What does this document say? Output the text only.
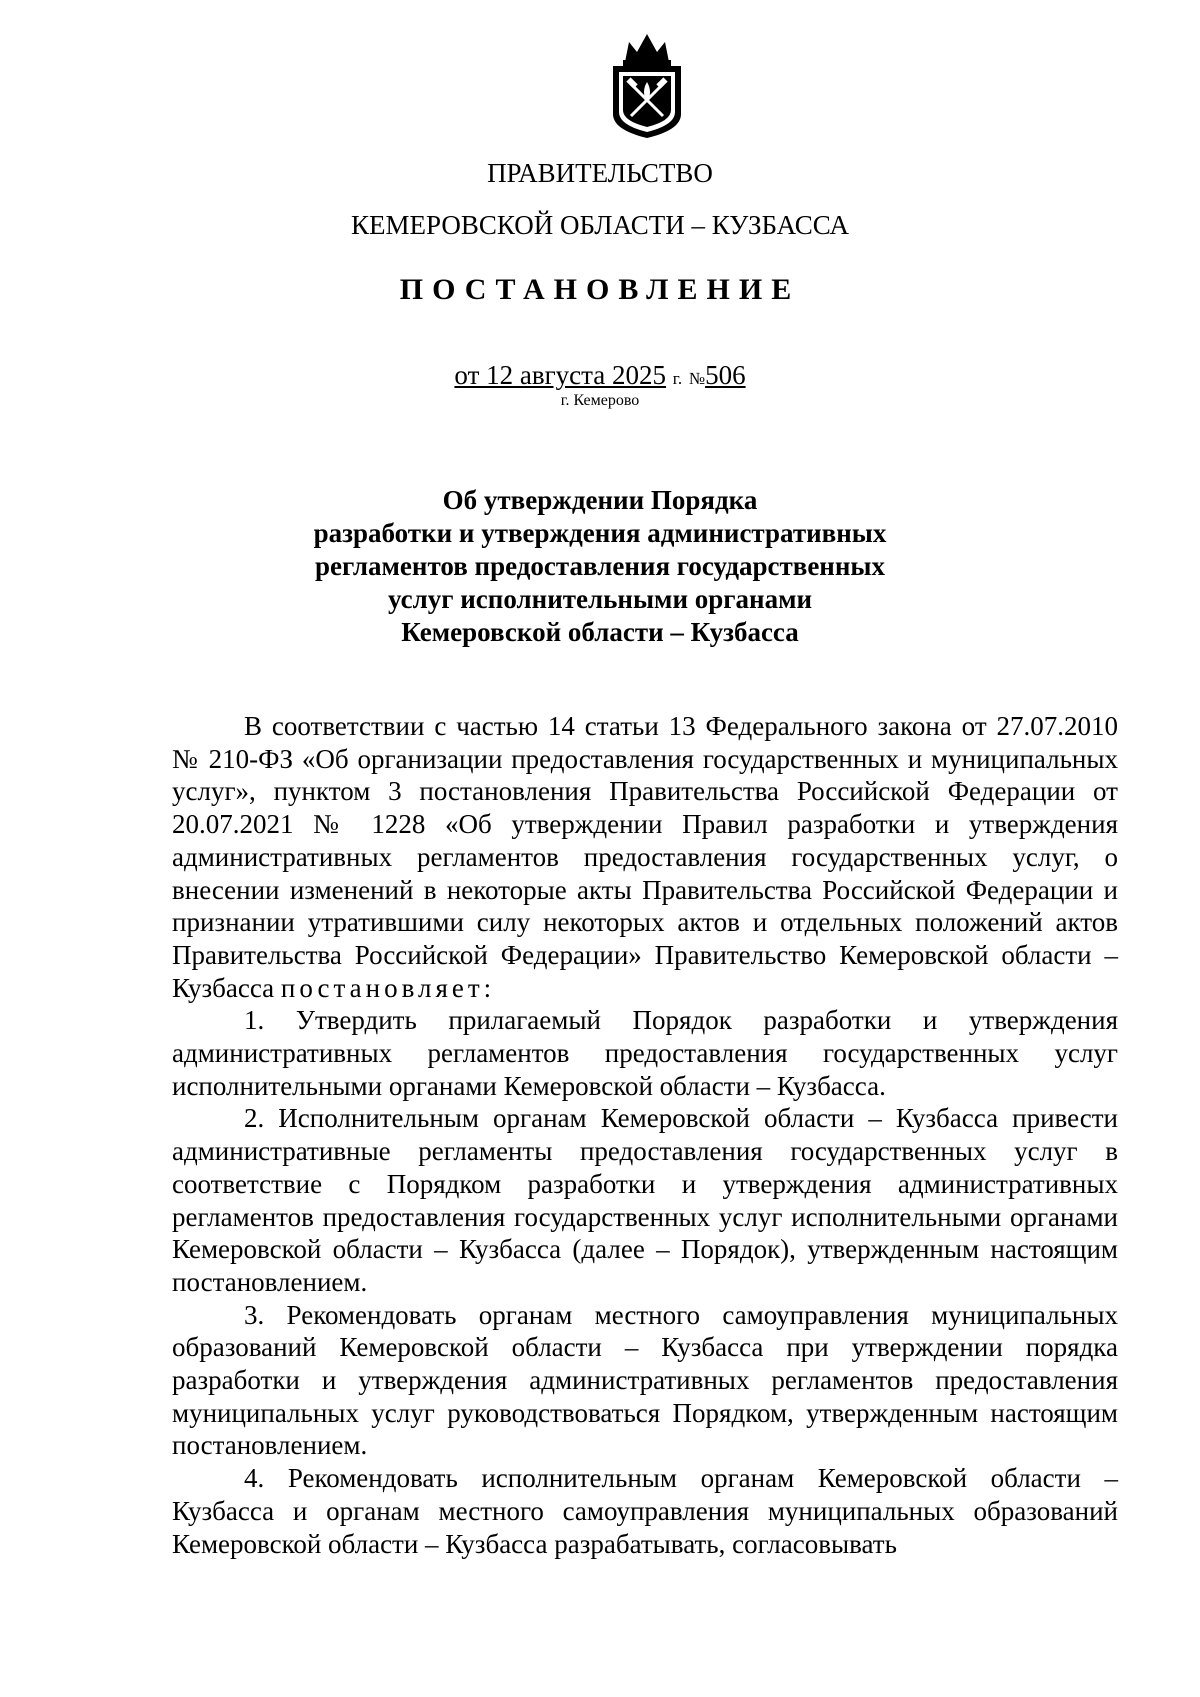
ПРАВИТЕЛЬСТВО
КЕМЕРОВСКОЙ ОБЛАСТИ – КУЗБАССА
ПОСТАНОВЛЕНИЕ
от 12 августа 2025 г. №506
г. Кемерово
Об утверждении Порядка
разработки и утверждения административных
регламентов предоставления государственных
услуг исполнительными органами
Кемеровской области – Кузбасса

В соответствии с частью 14 статьи 13 Федерального закона от 27.07.2010 № 210-ФЗ «Об организации предоставления государственных и муниципальных услуг», пунктом 3 постановления Правительства Российской Федерации от 20.07.2021 № 1228 «Об утверждении Правил разработки и утверждения административных регламентов предоставления государственных услуг, о внесении изменений в некоторые акты Правительства Российской Федерации и признании утратившими силу некоторых актов и отдельных положений актов Правительства Российской Федерации» Правительство Кемеровской области – Кузбасса постановляет:

1. Утвердить прилагаемый Порядок разработки и утверждения административных регламентов предоставления государственных услуг исполнительными органами Кемеровской области – Кузбасса.

2. Исполнительным органам Кемеровской области – Кузбасса привести административные регламенты предоставления государственных услуг в соответствие с Порядком разработки и утверждения административных регламентов предоставления государственных услуг исполнительными органами Кемеровской области – Кузбасса (далее – Порядок), утвержденным настоящим постановлением.

3. Рекомендовать органам местного самоуправления муниципальных образований Кемеровской области – Кузбасса при утверждении порядка разработки и утверждения административных регламентов предоставления муниципальных услуг руководствоваться Порядком, утвержденным настоящим постановлением.

4. Рекомендовать исполнительным органам Кемеровской области – Кузбасса и органам местного самоуправления муниципальных образований Кемеровской области – Кузбасса разрабатывать, согласовывать
